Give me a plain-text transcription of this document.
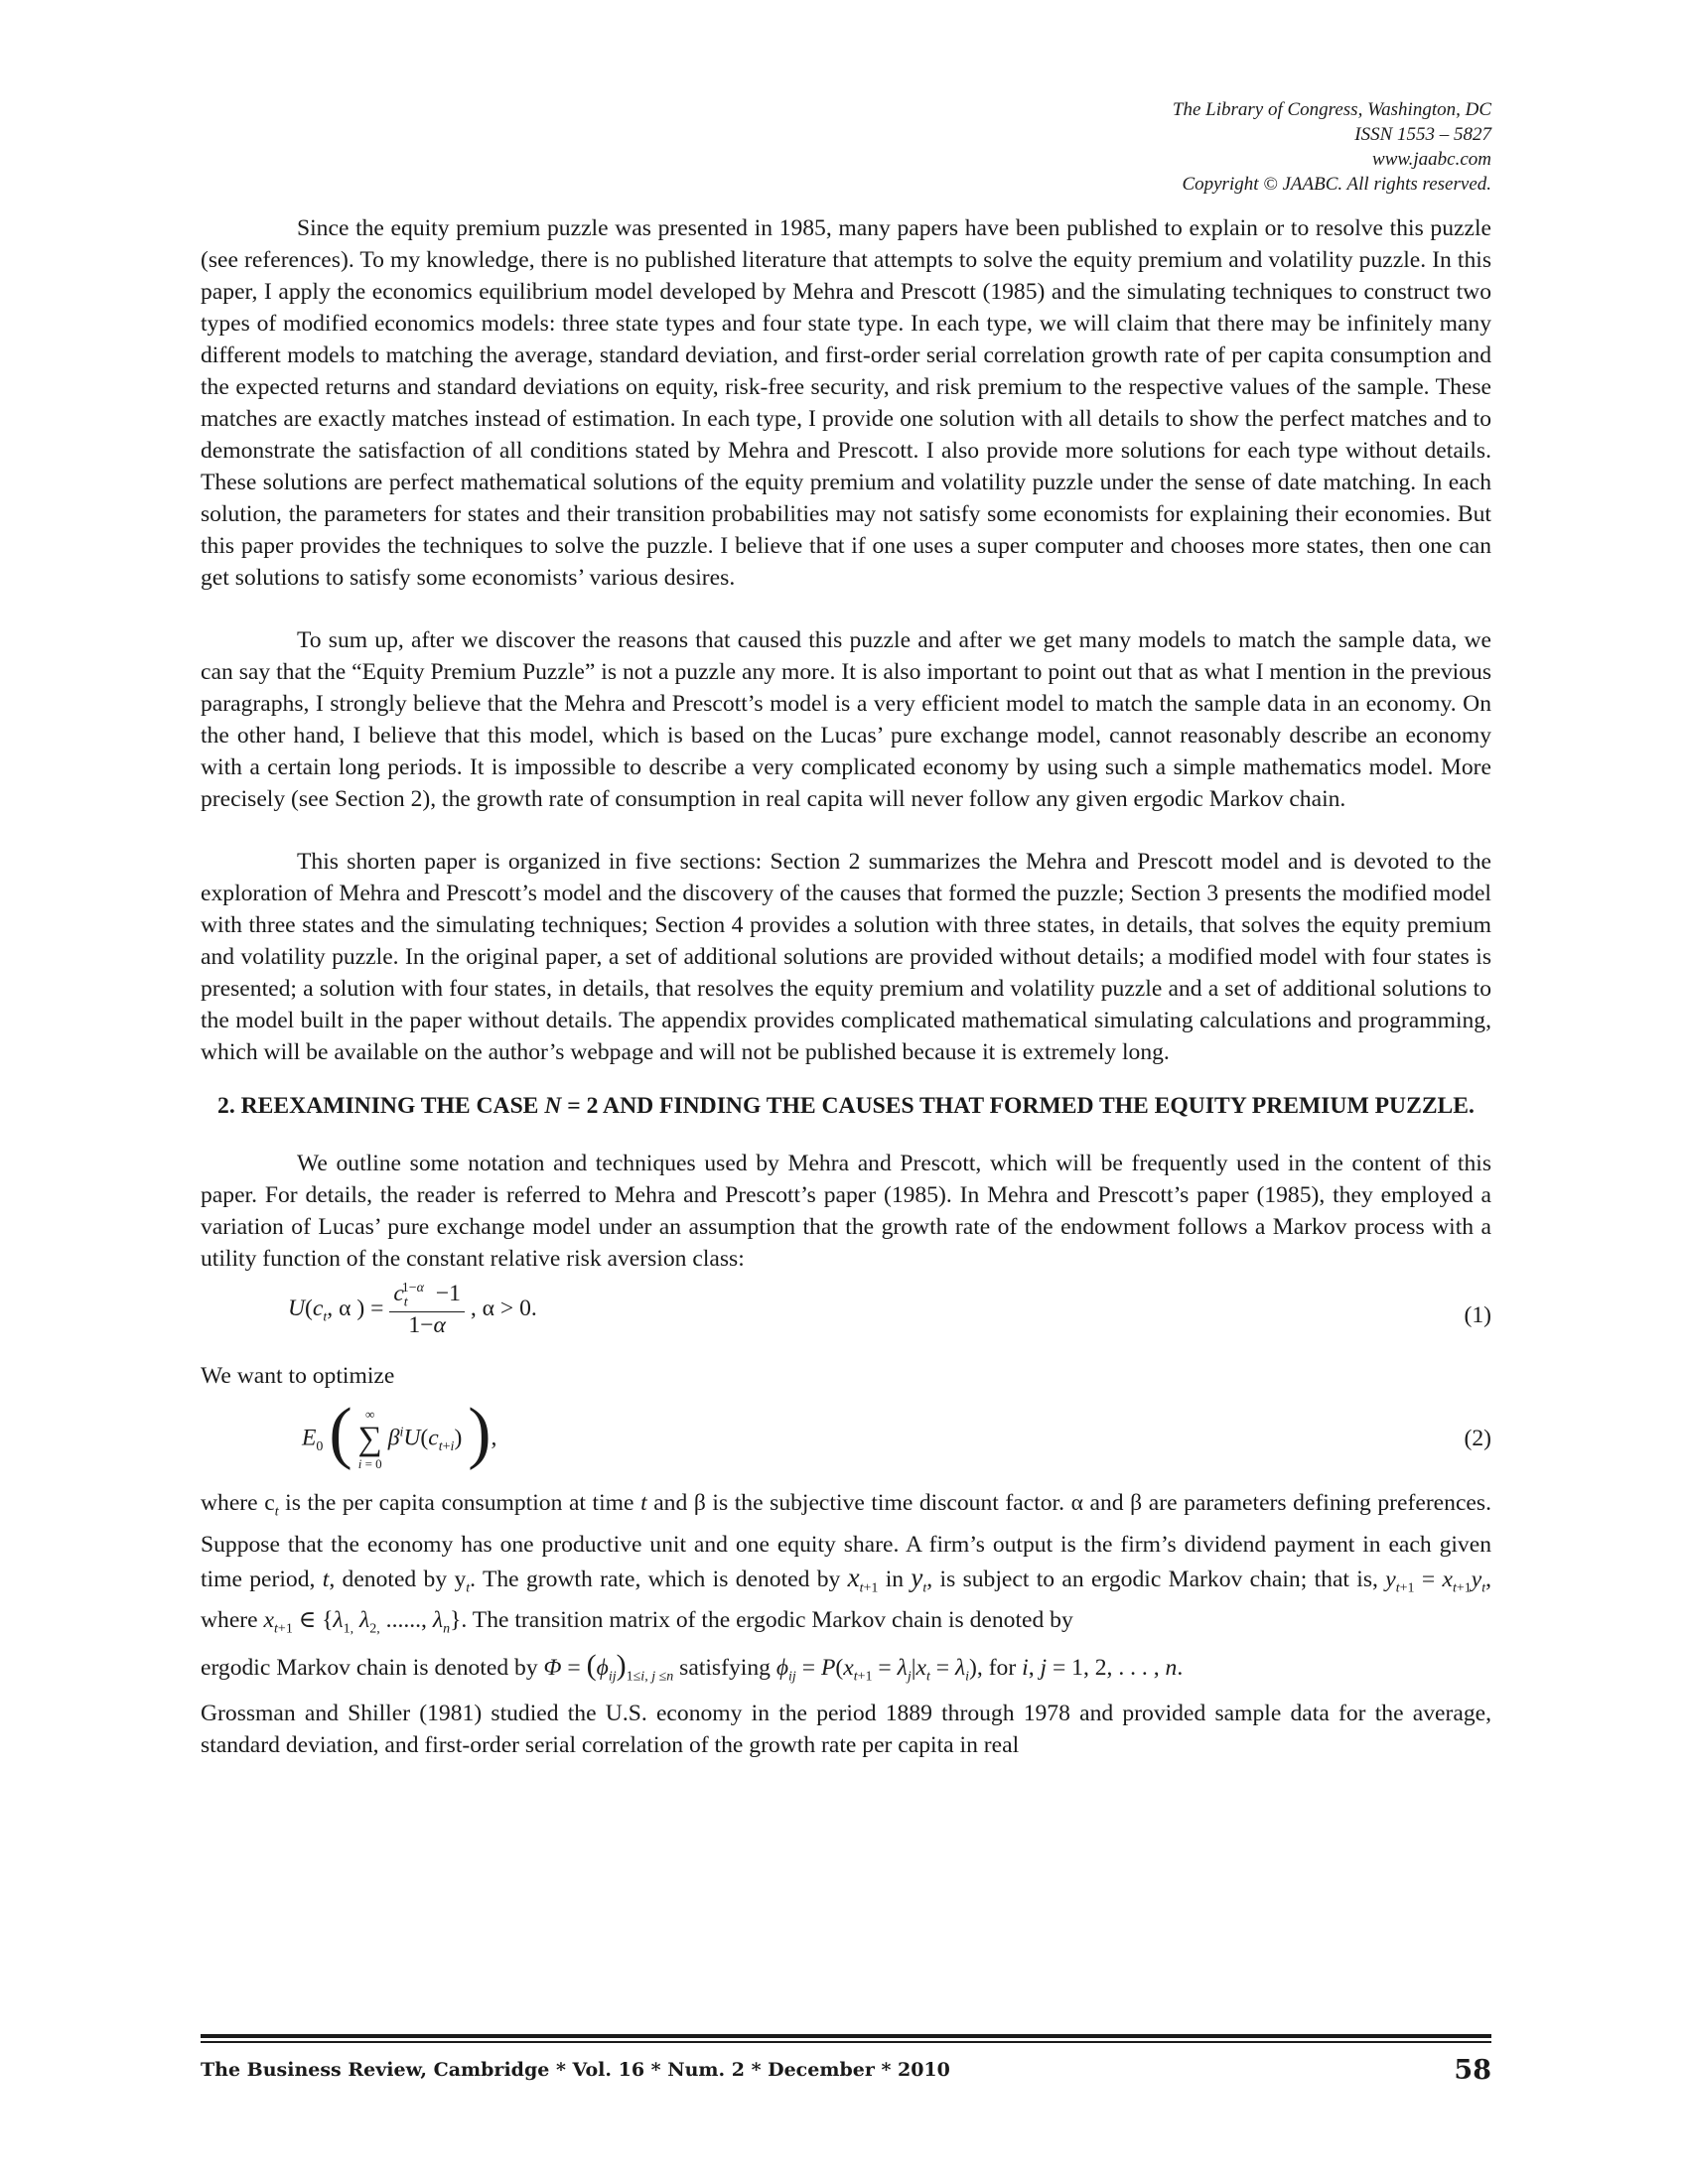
The Library of Congress, Washington, DC
ISSN 1553 – 5827
www.jaabc.com
Copyright © JAABC. All rights reserved.

Since the equity premium puzzle was presented in 1985, many papers have been published to explain or to resolve this puzzle (see references). To my knowledge, there is no published literature that attempts to solve the equity premium and volatility puzzle. In this paper, I apply the economics equilibrium model developed by Mehra and Prescott (1985) and the simulating techniques to construct two types of modified economics models: three state types and four state type. In each type, we will claim that there may be infinitely many different models to matching the average, standard deviation, and first-order serial correlation growth rate of per capita consumption and the expected returns and standard deviations on equity, risk-free security, and risk premium to the respective values of the sample. These matches are exactly matches instead of estimation. In each type, I provide one solution with all details to show the perfect matches and to demonstrate the satisfaction of all conditions stated by Mehra and Prescott. I also provide more solutions for each type without details. These solutions are perfect mathematical solutions of the equity premium and volatility puzzle under the sense of date matching. In each solution, the parameters for states and their transition probabilities may not satisfy some economists for explaining their economies. But this paper provides the techniques to solve the puzzle. I believe that if one uses a super computer and chooses more states, then one can get solutions to satisfy some economists’ various desires.

To sum up, after we discover the reasons that caused this puzzle and after we get many models to match the sample data, we can say that the “Equity Premium Puzzle” is not a puzzle any more. It is also important to point out that as what I mention in the previous paragraphs, I strongly believe that the Mehra and Prescott’s model is a very efficient model to match the sample data in an economy. On the other hand, I believe that this model, which is based on the Lucas’ pure exchange model, cannot reasonably describe an economy with a certain long periods. It is impossible to describe a very complicated economy by using such a simple mathematics model. More precisely (see Section 2), the growth rate of consumption in real capita will never follow any given ergodic Markov chain.

This shorten paper is organized in five sections: Section 2 summarizes the Mehra and Prescott model and is devoted to the exploration of Mehra and Prescott’s model and the discovery of the causes that formed the puzzle; Section 3 presents the modified model with three states and the simulating techniques; Section 4 provides a solution with three states, in details, that solves the equity premium and volatility puzzle. In the original paper, a set of additional solutions are provided without details; a modified model with four states is presented; a solution with four states, in details, that resolves the equity premium and volatility puzzle and a set of additional solutions to the model built in the paper without details. The appendix provides complicated mathematical simulating calculations and programming, which will be available on the author’s webpage and will not be published because it is extremely long.

2. REEXAMINING THE CASE N = 2 AND FINDING THE CAUSES THAT FORMED THE EQUITY PREMIUM PUZZLE.

We outline some notation and techniques used by Mehra and Prescott, which will be frequently used in the content of this paper. For details, the reader is referred to Mehra and Prescott’s paper (1985). In Mehra and Prescott’s paper (1985), they employed a variation of Lucas’ pure exchange model under an assumption that the growth rate of the endowment follows a Markov process with a utility function of the constant relative risk aversion class:

$U(c_t$, α ) = $\frac{c_t^{1-\alpha} -1}{1-\alpha}$ , α > 0.	(1)

We want to optimize

$E_0$ (	∞
∑
i = 0
$\beta^iU(c_{t+i})$ ),	(2)

where $c_t$ is the per capita consumption at time t and β is the subjective time discount factor. α and β are parameters defining preferences. Suppose that the economy has one productive unit and one equity share. A firm’s output is the firm’s dividend payment in each given time period, t, denoted by $y_t$. The growth rate, which is denoted by $x_{t+1}$ in $y_t$, is subject to an ergodic Markov chain; that is, $y_{t+1} = x_{t+1}y_t$, where $x_{t+1}$ ∈ {$\lambda_{1,}$ $\lambda_{2,}$ ......, $\lambda_n$}. The transition matrix of the ergodic Markov chain is denoted by

ergodic Markov chain is denoted by $\Phi = (\phi_{ij})_{1\le i, j \le n}$ satisfying $\phi_{ij} = P(x_{t+1} = \lambda_j|x_t = \lambda_i)$, for i, j = 1, 2, . . . , n.

Grossman and Shiller (1981) studied the U.S. economy in the period 1889 through 1978 and provided sample data for the average, standard deviation, and first-order serial correlation of the growth rate per capita in real

The Business Review, Cambridge * Vol. 16 * Num. 2 * December * 2010	58
